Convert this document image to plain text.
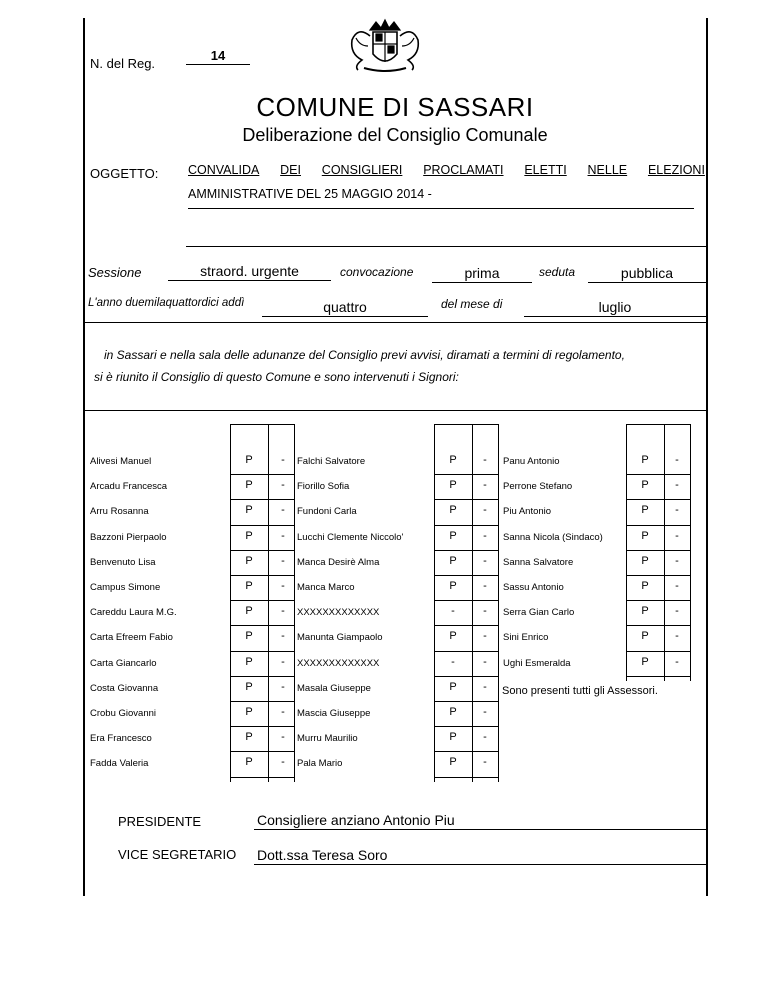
N. del Reg.
14
COMUNE DI SASSARI
Deliberazione del Consiglio Comunale
OGGETTO: CONVALIDA DEI CONSIGLIERI PROCLAMATI ELETTI NELLE ELEZIONI
AMMINISTRATIVE DEL 25 MAGGIO 2014 -
Sessione	straord. urgente	convocazione	prima	seduta	pubblica
L'anno duemilaquattordici addì	quattro	del mese di	luglio
in Sassari e nella sala delle adunanze del Consiglio previ avvisi, diramati a termini di regolamento,
si è riunito il Consiglio di questo Comune e sono intervenuti i Signori:
Alivesi Manuel	P	-
Arcadu Francesca	P	-
Arru Rosanna	P	-
Bazzoni Pierpaolo	P	-
Benvenuto Lisa	P	-
Campus Simone	P	-
Careddu Laura M.G.	P	-
Carta Efreem Fabio	P	-
Carta Giancarlo	P	-
Costa Giovanna	P	-
Crobu Giovanni	P	-
Era Francesco	P	-
Fadda Valeria	P	-
Falchi Salvatore	P	-
Fiorillo Sofia	P	-
Fundoni Carla	P	-
Lucchi Clemente Niccolo'	P	-
Manca Desirè Alma	P	-
Manca Marco	P	-
XXXXXXXXXXXXX	-	-
Manunta Giampaolo	P	-
XXXXXXXXXXXXX	-	-
Masala Giuseppe	P	-
Mascia Giuseppe	P	-
Murru Maurilio	P	-
Pala Mario	P	-
Panu Antonio	P	-
Perrone Stefano	P	-
Piu Antonio	P	-
Sanna Nicola (Sindaco)	P	-
Sanna Salvatore	P	-
Sassu Antonio	P	-
Serra Gian Carlo	P	-
Sini Enrico	P	-
Ughi Esmeralda	P	-
Sono presenti tutti gli Assessori.
PRESIDENTE	Consigliere anziano Antonio Piu
VICE SEGRETARIO Dott.ssa Teresa Soro
